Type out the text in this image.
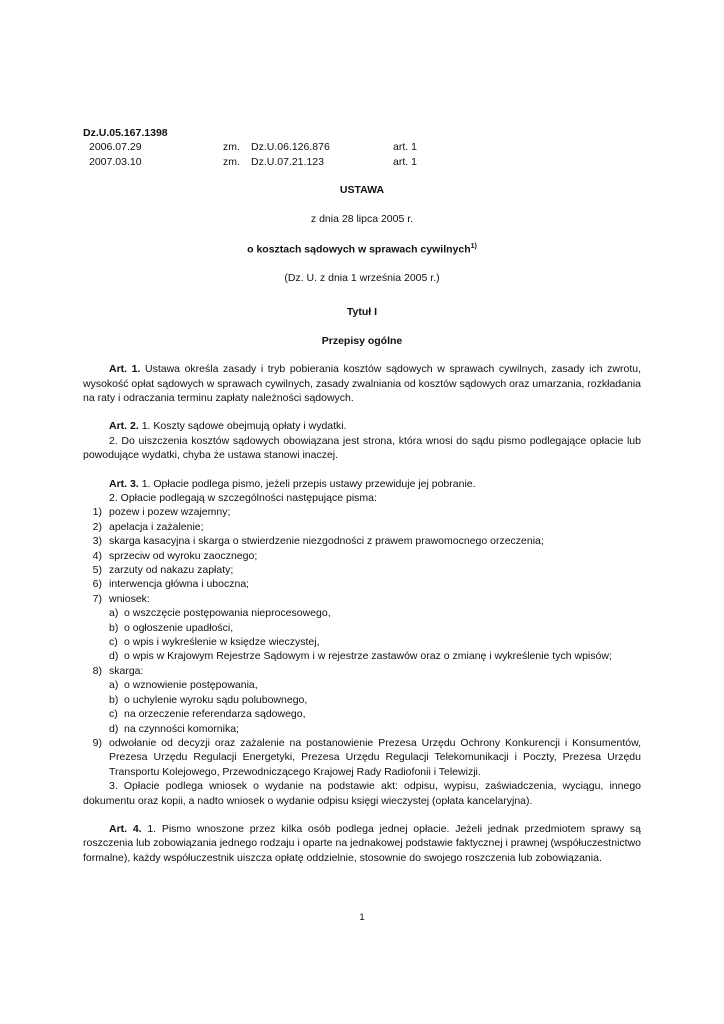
Dz.U.05.167.1398
2006.07.29	zm.	Dz.U.06.126.876	art. 1
2007.03.10	zm.	Dz.U.07.21.123	art. 1
USTAWA
z dnia 28 lipca 2005 r.
o kosztach sądowych w sprawach cywilnych$^{1)}$
(Dz. U. z dnia 1 września 2005 r.)
Tytuł I
Przepisy ogólne
Art. 1. Ustawa określa zasady i tryb pobierania kosztów sądowych w sprawach cywilnych, zasady ich zwrotu, wysokość opłat sądowych w sprawach cywilnych, zasady zwalniania od kosztów sądowych oraz umarzania, rozkładania na raty i odraczania terminu zapłaty należności sądowych.
Art. 2. 1. Koszty sądowe obejmują opłaty i wydatki.
2. Do uiszczenia kosztów sądowych obowiązana jest strona, która wnosi do sądu pismo podlegające opłacie lub powodujące wydatki, chyba że ustawa stanowi inaczej.
Art. 3. 1. Opłacie podlega pismo, jeżeli przepis ustawy przewiduje jej pobranie.
2. Opłacie podlegają w szczególności następujące pisma:
1) pozew i pozew wzajemny;
2) apelacja i zażalenie;
3) skarga kasacyjna i skarga o stwierdzenie niezgodności z prawem prawomocnego orzeczenia;
4) sprzeciw od wyroku zaocznego;
5) zarzuty od nakazu zapłaty;
6) interwencja główna i uboczna;
7) wniosek:
a) o wszczęcie postępowania nieprocesowego,
b) o ogłoszenie upadłości,
c) o wpis i wykreślenie w księdze wieczystej,
d) o wpis w Krajowym Rejestrze Sądowym i w rejestrze zastawów oraz o zmianę i wykreślenie tych wpisów;
8) skarga:
a) o wznowienie postępowania,
b) o uchylenie wyroku sądu polubownego,
c) na orzeczenie referendarza sądowego,
d) na czynności komornika;
9) odwołanie od decyzji oraz zażalenie na postanowienie Prezesa Urzędu Ochrony Konkurencji i Konsumentów, Prezesa Urzędu Regulacji Energetyki, Prezesa Urzędu Regulacji Telekomunikacji i Poczty, Prezesa Urzędu Transportu Kolejowego, Przewodniczącego Krajowej Rady Radiofonii i Telewizji.
3. Opłacie podlega wniosek o wydanie na podstawie akt: odpisu, wypisu, zaświadczenia, wyciągu, innego dokumentu oraz kopii, a nadto wniosek o wydanie odpisu księgi wieczystej (opłata kancelaryjna).
Art. 4. 1. Pismo wnoszone przez kilka osób podlega jednej opłacie. Jeżeli jednak przedmiotem sprawy są roszczenia lub zobowiązania jednego rodzaju i oparte na jednakowej podstawie faktycznej i prawnej (współuczestnictwo formalne), każdy współuczestnik uiszcza opłatę oddzielnie, stosownie do swojego roszczenia lub zobowiązania.
1
